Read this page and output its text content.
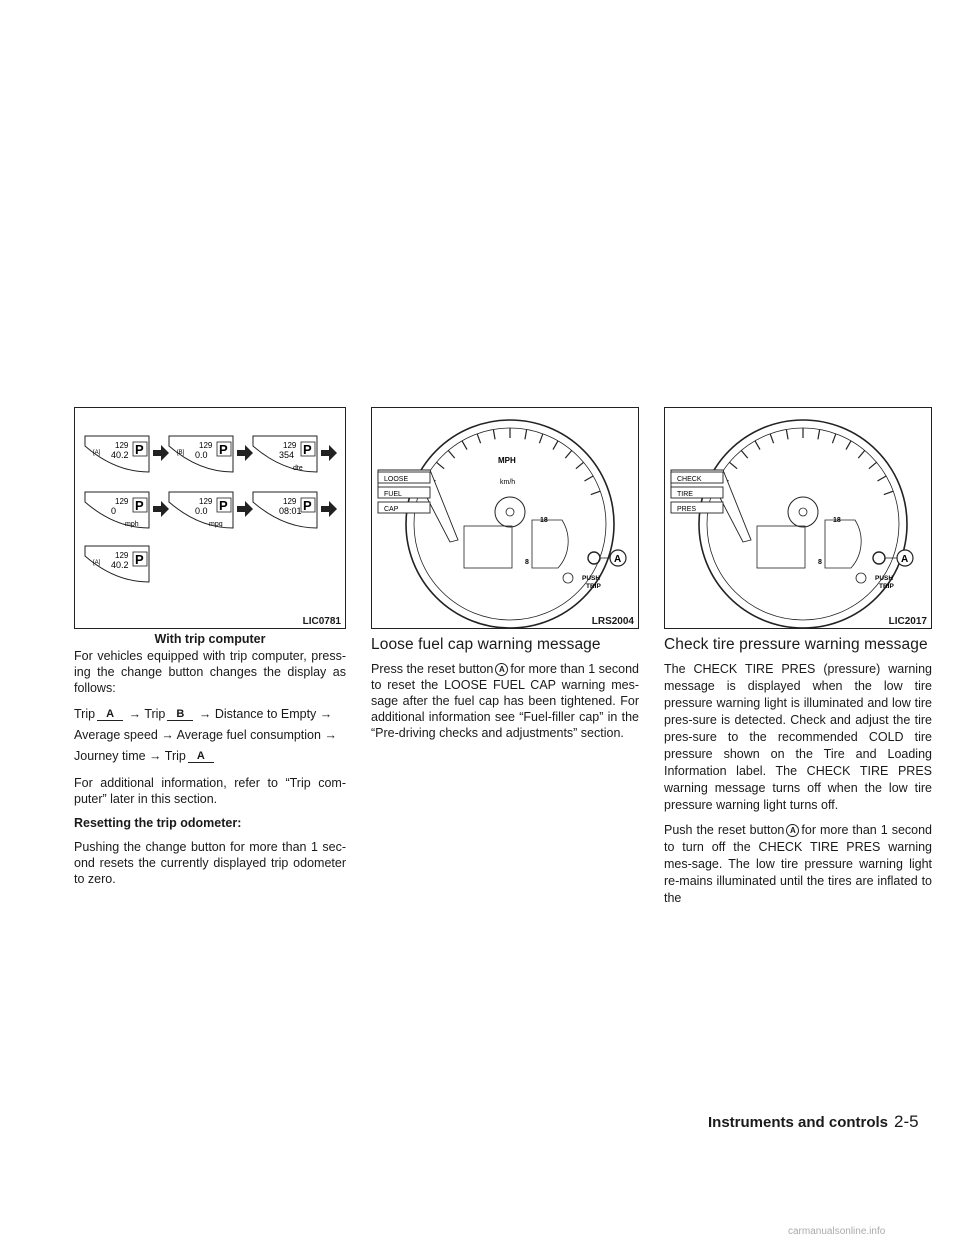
P
129
40.2
[A]	P
129
0.0
[B]	P
129
354
dte
P
129
0
mph
P
129
0.0
mpg
P
129
08:01
P
129
40.2
[A]
LIC0781
With trip computer
MPH
km/h
18
8	A
PUSH
TRIP
LOOSE
FUEL
CAP
LRS2004
18
8	A
PUSH
TRIP
CHECK
TIRE
PRES
LIC2017

For vehicles equipped with trip computer, press-ing the change button changes the display as follows:

Trip A → Trip B → Distance to Empty → Average speed → Average fuel consumption → Journey time → Trip A

For additional information, refer to “Trip com-puter” later in this section.

Resetting the trip odometer:

Pushing the change button for more than 1 sec-ond resets the currently displayed trip odometer to zero.

Loose fuel cap warning message

Press the reset button A for more than 1 second to reset the LOOSE FUEL CAP warning mes-sage after the fuel cap has been tightened. For additional information see “Fuel-filler cap” in the “Pre-driving checks and adjustments” section.

Check tire pressure warning message

The CHECK TIRE PRES (pressure) warning message is displayed when the low tire pressure warning light is illuminated and low tire pres-sure is detected. Check and adjust the tire pres-sure to the recommended COLD tire pressure shown on the Tire and Loading Information label. The CHECK TIRE PRES warning message turns off when the low tire pressure warning light turns off.

Push the reset button A for more than 1 second to turn off the CHECK TIRE PRES warning mes-sage. The low tire pressure warning light re-mains illuminated until the tires are inflated to the

Instruments and controls 2-5
carmanualsonline.info
